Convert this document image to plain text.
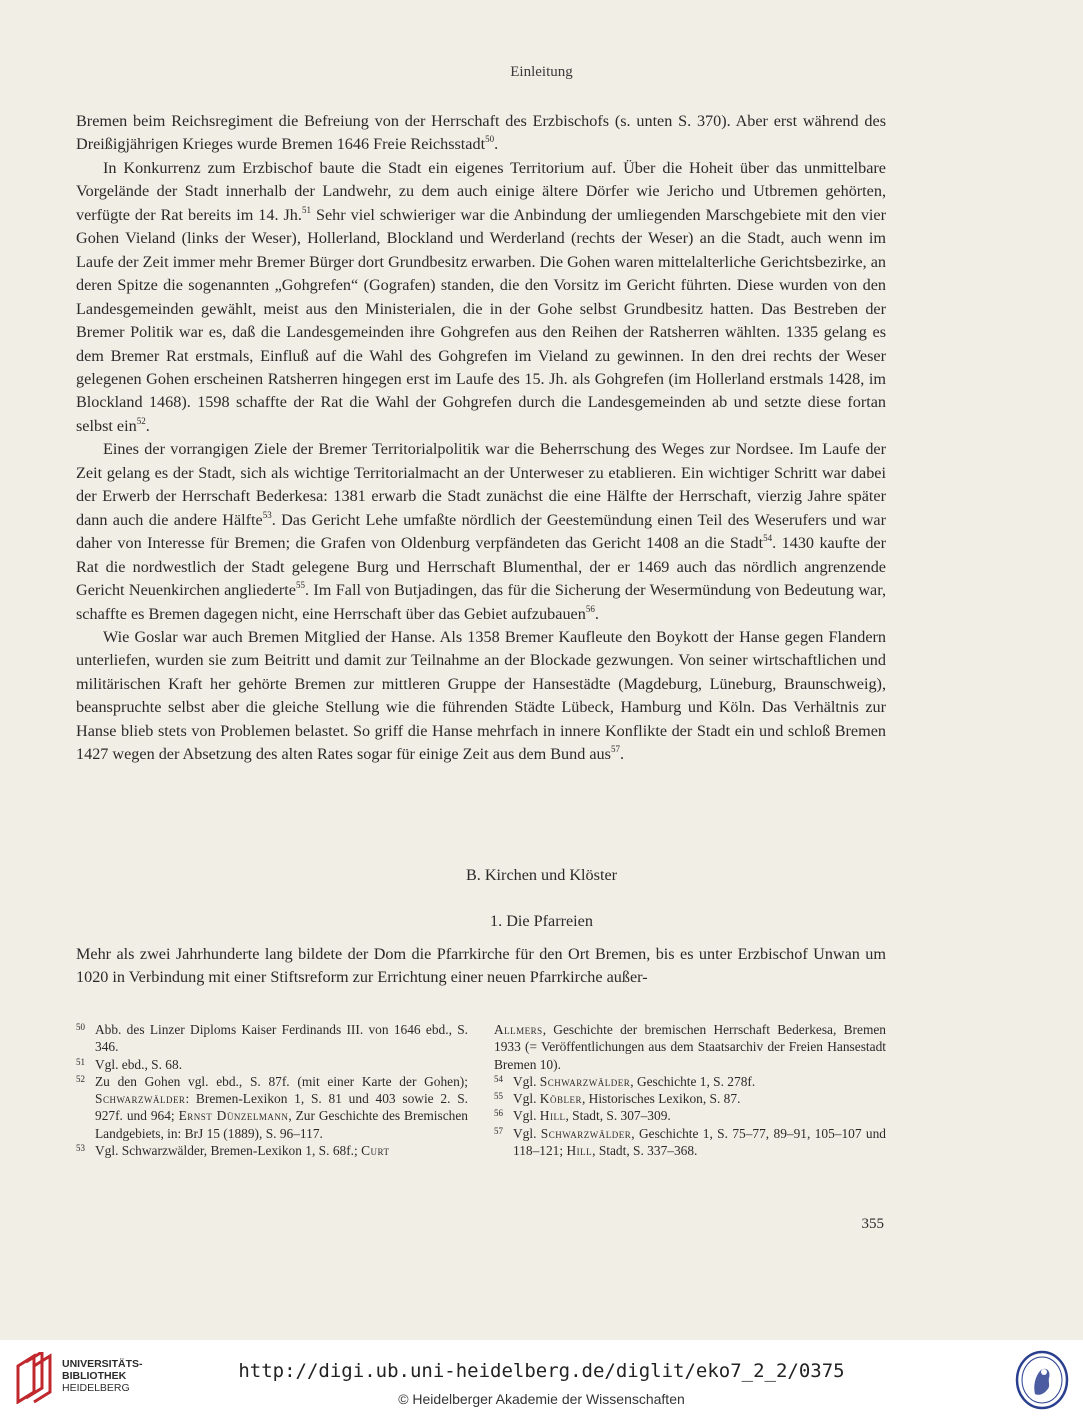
Einleitung

Bremen beim Reichsregiment die Befreiung von der Herrschaft des Erzbischofs (s. unten S. 370). Aber erst während des Dreißigjährigen Krieges wurde Bremen 1646 Freie Reichsstadt$^{50}$.

In Konkurrenz zum Erzbischof baute die Stadt ein eigenes Territorium auf. Über die Hoheit über das unmittelbare Vorgelände der Stadt innerhalb der Landwehr, zu dem auch einige ältere Dörfer wie Jericho und Utbremen gehörten, verfügte der Rat bereits im 14. Jh.$^{51}$ Sehr viel schwieriger war die Anbindung der umliegenden Marschgebiete mit den vier Gohen Vieland (links der Weser), Hollerland, Blockland und Werderland (rechts der Weser) an die Stadt, auch wenn im Laufe der Zeit immer mehr Bremer Bürger dort Grundbesitz erwarben. Die Gohen waren mittelalterliche Gerichtsbezirke, an deren Spitze die sogenannten „Gohgrefen“ (Gografen) standen, die den Vorsitz im Gericht führten. Diese wurden von den Landesgemeinden gewählt, meist aus den Ministerialen, die in der Gohe selbst Grundbesitz hatten. Das Bestreben der Bremer Politik war es, daß die Landesgemeinden ihre Gohgrefen aus den Reihen der Ratsherren wählten. 1335 gelang es dem Bremer Rat erstmals, Einfluß auf die Wahl des Gohgrefen im Vieland zu gewinnen. In den drei rechts der Weser gelegenen Gohen erscheinen Ratsherren hingegen erst im Laufe des 15. Jh. als Gohgrefen (im Hollerland erstmals 1428, im Blockland 1468). 1598 schaffte der Rat die Wahl der Gohgrefen durch die Landesgemeinden ab und setzte diese fortan selbst ein$^{52}$.

Eines der vorrangigen Ziele der Bremer Territorialpolitik war die Beherrschung des Weges zur Nordsee. Im Laufe der Zeit gelang es der Stadt, sich als wichtige Territorialmacht an der Unterweser zu etablieren. Ein wichtiger Schritt war dabei der Erwerb der Herrschaft Bederkesa: 1381 erwarb die Stadt zunächst die eine Hälfte der Herrschaft, vierzig Jahre später dann auch die andere Hälfte$^{53}$. Das Gericht Lehe umfaßte nördlich der Geestemündung einen Teil des Weserufers und war daher von Interesse für Bremen; die Grafen von Oldenburg verpfändeten das Gericht 1408 an die Stadt$^{54}$. 1430 kaufte der Rat die nordwestlich der Stadt gelegene Burg und Herrschaft Blumenthal, der er 1469 auch das nördlich angrenzende Gericht Neuenkirchen angliederte$^{55}$. Im Fall von Butjadingen, das für die Sicherung der Wesermündung von Bedeutung war, schaffte es Bremen dagegen nicht, eine Herrschaft über das Gebiet aufzubauen$^{56}$.

Wie Goslar war auch Bremen Mitglied der Hanse. Als 1358 Bremer Kaufleute den Boykott der Hanse gegen Flandern unterliefen, wurden sie zum Beitritt und damit zur Teilnahme an der Blockade gezwungen. Von seiner wirtschaftlichen und militärischen Kraft her gehörte Bremen zur mittleren Gruppe der Hansestädte (Magdeburg, Lüneburg, Braunschweig), beanspruchte selbst aber die gleiche Stellung wie die führenden Städte Lübeck, Hamburg und Köln. Das Verhältnis zur Hanse blieb stets von Problemen belastet. So griff die Hanse mehrfach in innere Konflikte der Stadt ein und schloß Bremen 1427 wegen der Absetzung des alten Rates sogar für einige Zeit aus dem Bund aus$^{57}$.

B. Kirchen und Klöster
1. Die Pfarreien

Mehr als zwei Jahrhunderte lang bildete der Dom die Pfarrkirche für den Ort Bremen, bis es unter Erzbischof Unwan um 1020 in Verbindung mit einer Stiftsreform zur Errichtung einer neuen Pfarrkirche außer-

50 Abb. des Linzer Diploms Kaiser Ferdinands III. von 1646 ebd., S. 346.
51 Vgl. ebd., S. 68.
52 Zu den Gohen vgl. ebd., S. 87f. (mit einer Karte der Gohen); Schwarzwälder: Bremen-Lexikon 1, S. 81 und 403 sowie 2. S. 927f. und 964; Ernst Dünzelmann, Zur Geschichte des Bremischen Landgebiets, in: BrJ 15 (1889), S. 96–117.
53 Vgl. Schwarzwälder, Bremen-Lexikon 1, S. 68f.; Curt
Allmers, Geschichte der bremischen Herrschaft Bederkesa, Bremen 1933 (= Veröffentlichungen aus dem Staatsarchiv der Freien Hansestadt Bremen 10).
54 Vgl. Schwarzwälder, Geschichte 1, S. 278f.
55 Vgl. Köbler, Historisches Lexikon, S. 87.
56 Vgl. Hill, Stadt, S. 307–309.
57 Vgl. Schwarzwälder, Geschichte 1, S. 75–77, 89–91, 105–107 und 118–121; Hill, Stadt, S. 337–368.
355
UNIVERSITÄTS-
BIBLIOTHEK
HEIDELBERG
http://digi.ub.uni-heidelberg.de/diglit/eko7_2_2/0375
© Heidelberger Akademie der Wissenschaften
